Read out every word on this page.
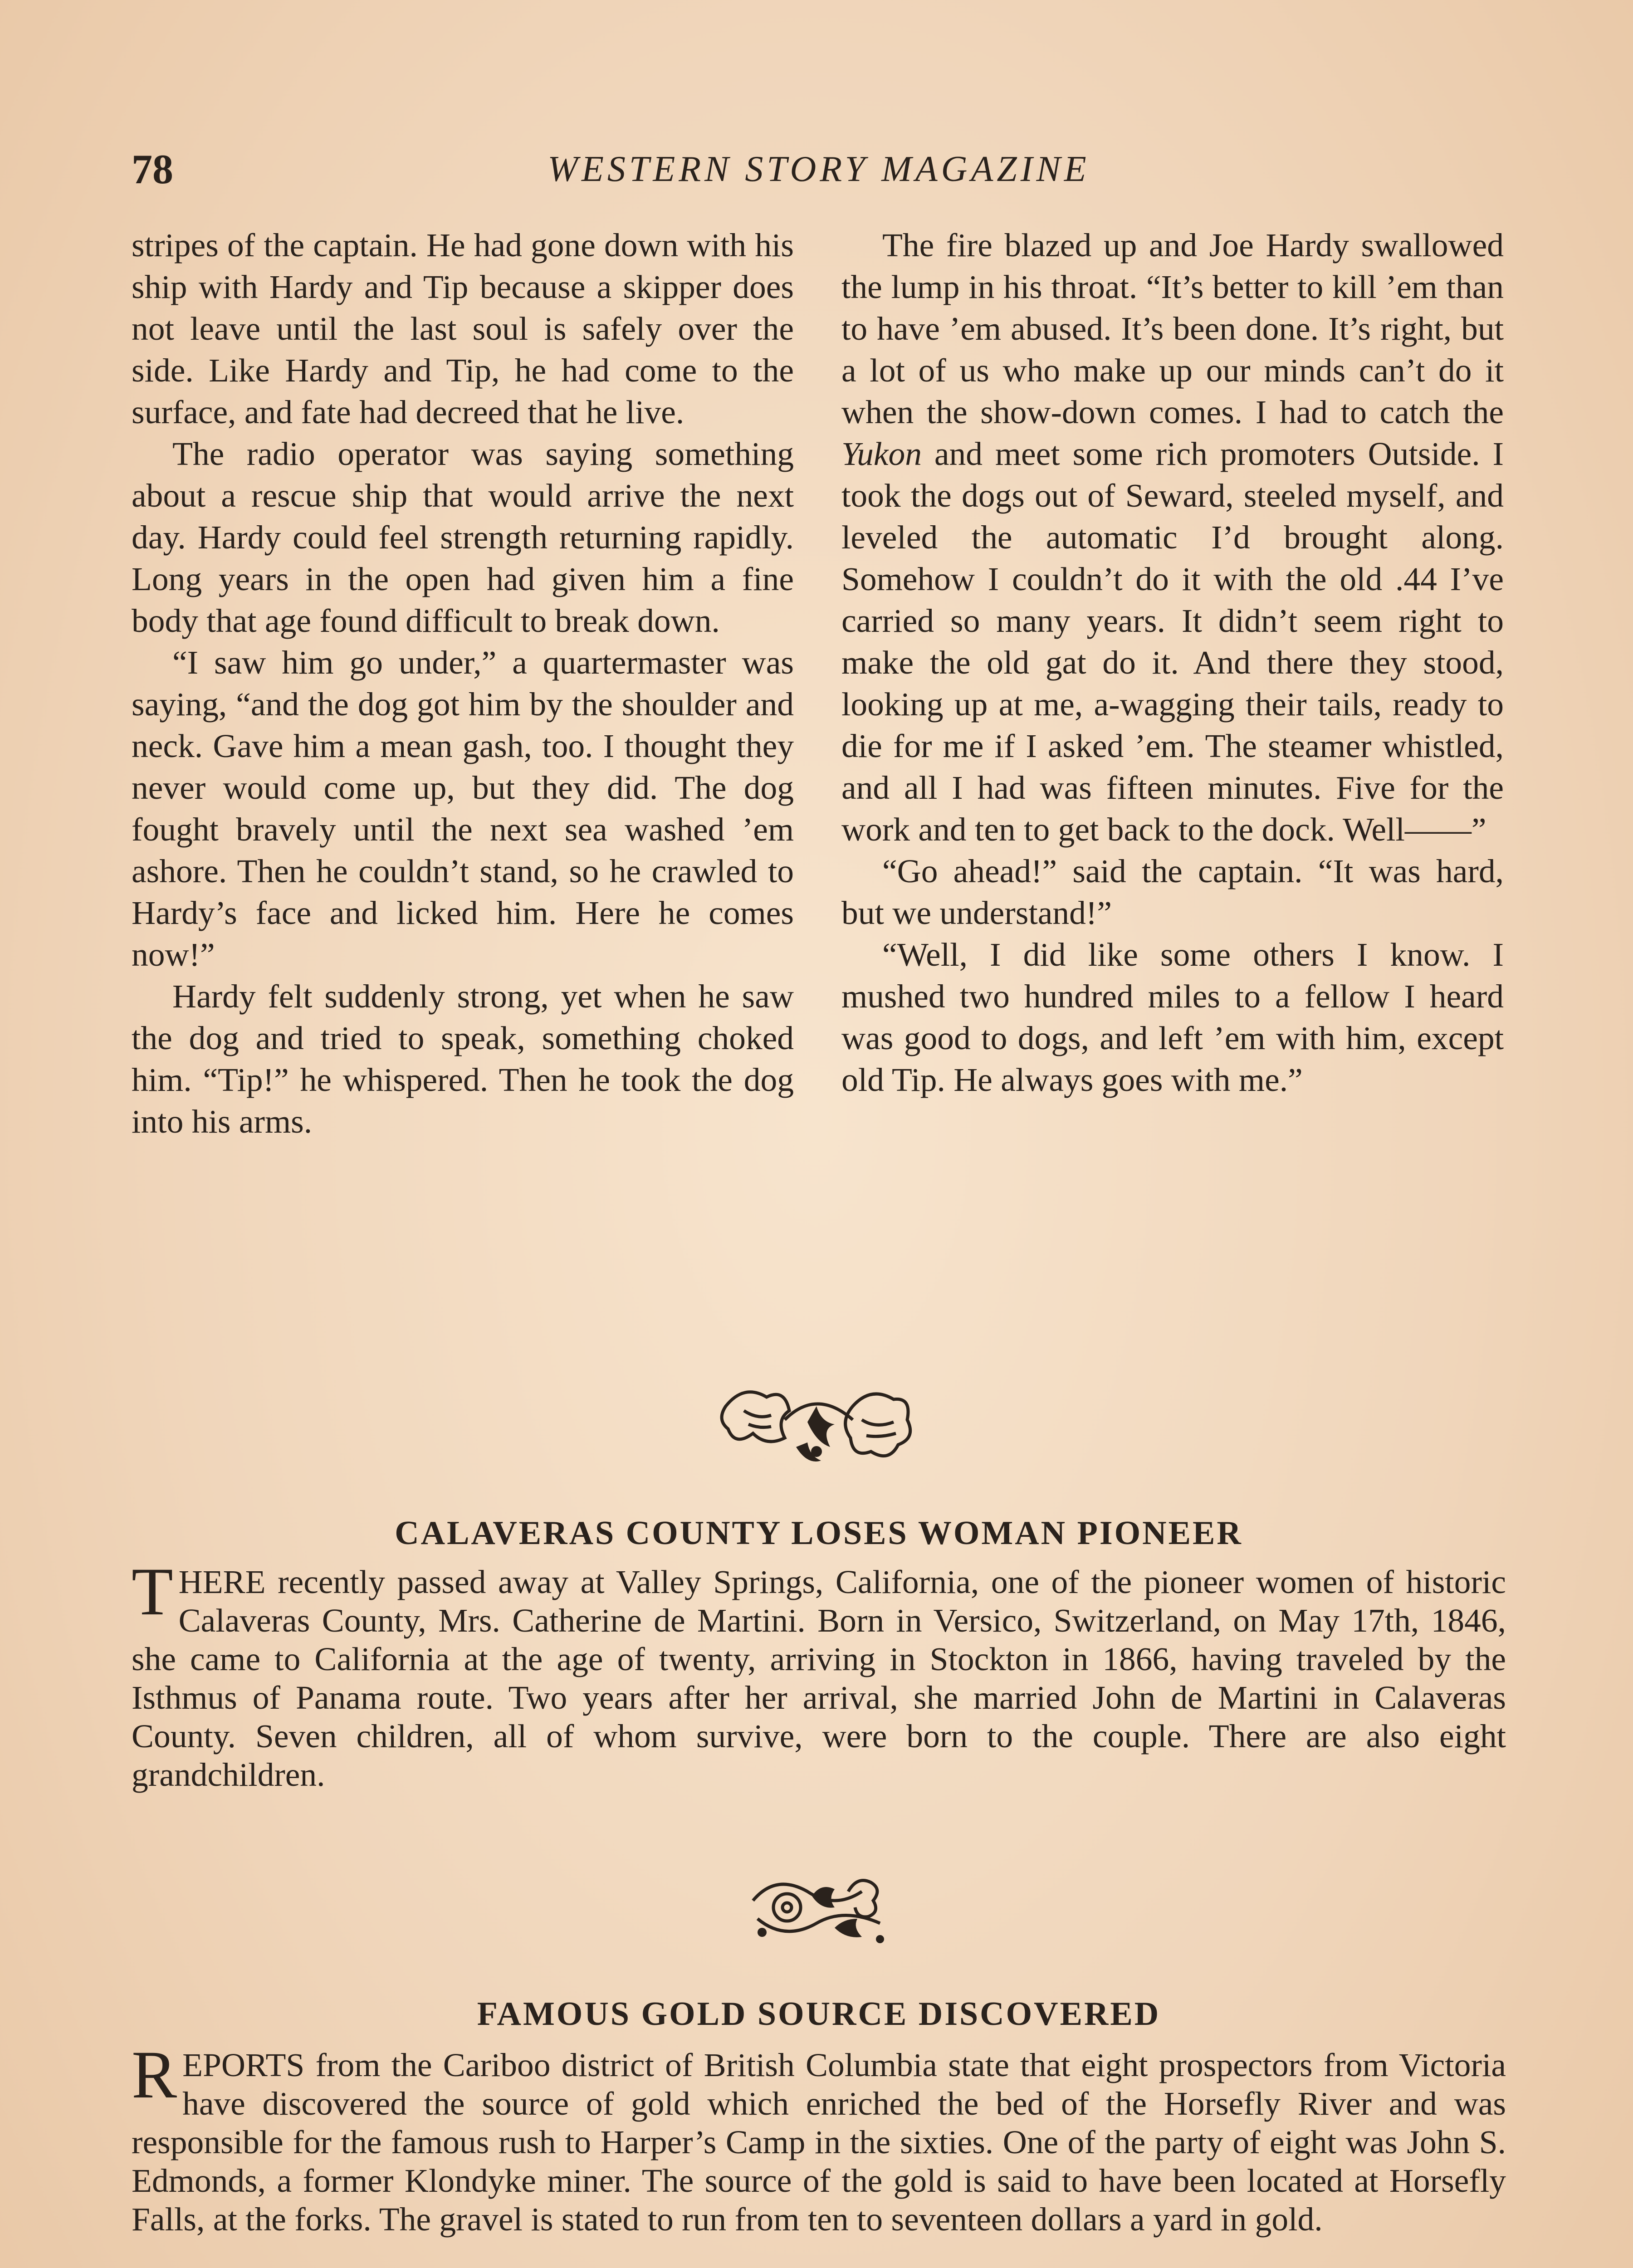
78	WESTERN STORY MAGAZINE

stripes of the captain. He had gone down with his ship with Hardy and Tip because a skipper does not leave until the last soul is safely over the side. Like Hardy and Tip, he had come to the surface, and fate had decreed that he live.

The radio operator was saying something about a rescue ship that would arrive the next day. Hardy could feel strength returning rapidly. Long years in the open had given him a fine body that age found difficult to break down.

“I saw him go under,” a quartermaster was saying, “and the dog got him by the shoulder and neck. Gave him a mean gash, too. I thought they never would come up, but they did. The dog fought bravely until the next sea washed ’em ashore. Then he couldn’t stand, so he crawled to Hardy’s face and licked him. Here he comes now!”

Hardy felt suddenly strong, yet when he saw the dog and tried to speak, something choked him. “Tip!” he whispered. Then he took the dog into his arms.

The fire blazed up and Joe Hardy swallowed the lump in his throat. “It’s better to kill ’em than to have ’em abused. It’s been done. It’s right, but a lot of us who make up our minds can’t do it when the show-down comes. I had to catch the Yukon and meet some rich promoters Outside. I took the dogs out of Seward, steeled myself, and leveled the automatic I’d brought along. Somehow I couldn’t do it with the old .44 I’ve carried so many years. It didn’t seem right to make the old gat do it. And there they stood, looking up at me, a-wagging their tails, ready to die for me if I asked ’em. The steamer whistled, and all I had was fifteen minutes. Five for the work and ten to get back to the dock. Well——”

“Go ahead!” said the captain. “It was hard, but we understand!”

“Well, I did like some others I know. I mushed two hundred miles to a fellow I heard was good to dogs, and left ’em with him, except old Tip. He always goes with me.”

CALAVERAS COUNTY LOSES WOMAN PIONEER

THERE recently passed away at Valley Springs, California, one of the pioneer women of historic Calaveras County, Mrs. Catherine de Martini. Born in Versico, Switzerland, on May 17th, 1846, she came to California at the age of twenty, arriving in Stockton in 1866, having traveled by the Isthmus of Panama route. Two years after her arrival, she married John de Martini in Calaveras County. Seven children, all of whom survive, were born to the couple. There are also eight grandchildren.

FAMOUS GOLD SOURCE DISCOVERED

REPORTS from the Cariboo district of British Columbia state that eight prospectors from Victoria have discovered the source of gold which enriched the bed of the Horsefly River and was responsible for the famous rush to Harper’s Camp in the sixties. One of the party of eight was John S. Edmonds, a former Klondyke miner. The source of the gold is said to have been located at Horsefly Falls, at the forks. The gravel is stated to run from ten to seventeen dollars a yard in gold.
